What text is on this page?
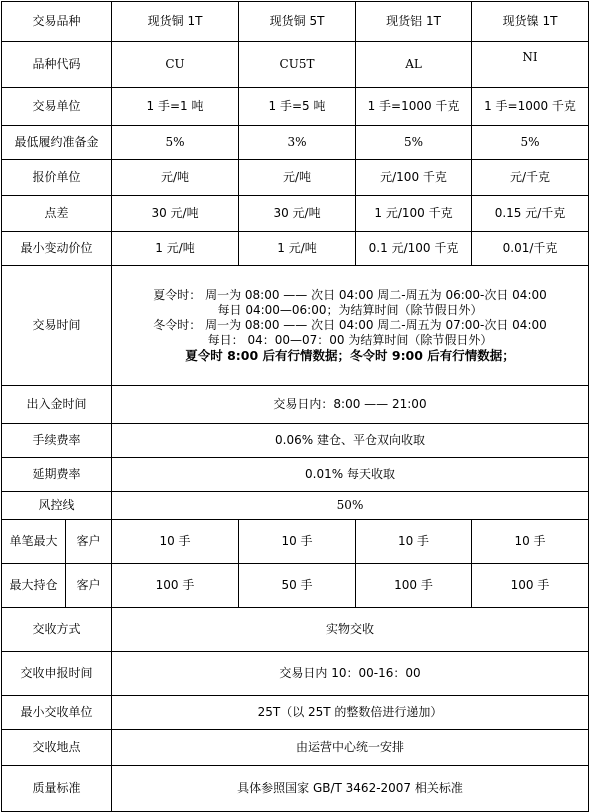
交易品种		现货铜 1T	现货铜 5T	现货铝 1T	现货镍 1T
品种代码		CU	CU5T	AL	NI
交易单位		1 手=1 吨	1 手=5 吨	1 手=1000 千克	1 手=1000 千克
最低履约准备金		5%	3%	5%	5%
报价单位		元/吨	元/吨	元/100 千克	元/千克
点差		30 元/吨	30 元/吨	1 元/100 千克	0.15 元/千克
最小变动价位		1 元/吨	1 元/吨	0.1 元/100 千克	0.01/千克
交易时间		夏令时： 周一为 08:00 —— 次日 04:00 周二-周五为 06:00-次日 04:00
每日 04:00—06:00；为结算时间（除节假日外）
冬令时： 周一为 08:00 —— 次日 04:00 周二-周五为 07:00-次日 04:00
每日： 04：00—07：00 为结算时间（除节假日外）
夏令时 8:00 后有行情数据；冬令时 9:00 后有行情数据；			

出入金时间		交易日内：8:00 —— 21:00			
手续费率		0.06% 建仓、平仓双向收取			
延期费率		0.01% 每天收取			
风控线		50%			
单笔最大	客户	10 手	10 手	10 手	10 手
最大持仓	客户	100 手	50 手	100 手	100 手
交收方式		实物交收			
交收申报时间		交易日内 10：00-16：00			
最小交收单位		25T（以 25T 的整数倍进行递加）			
交收地点		由运营中心统一安排			
质量标准		具体参照国家 GB/T 3462-2007 相关标准			
